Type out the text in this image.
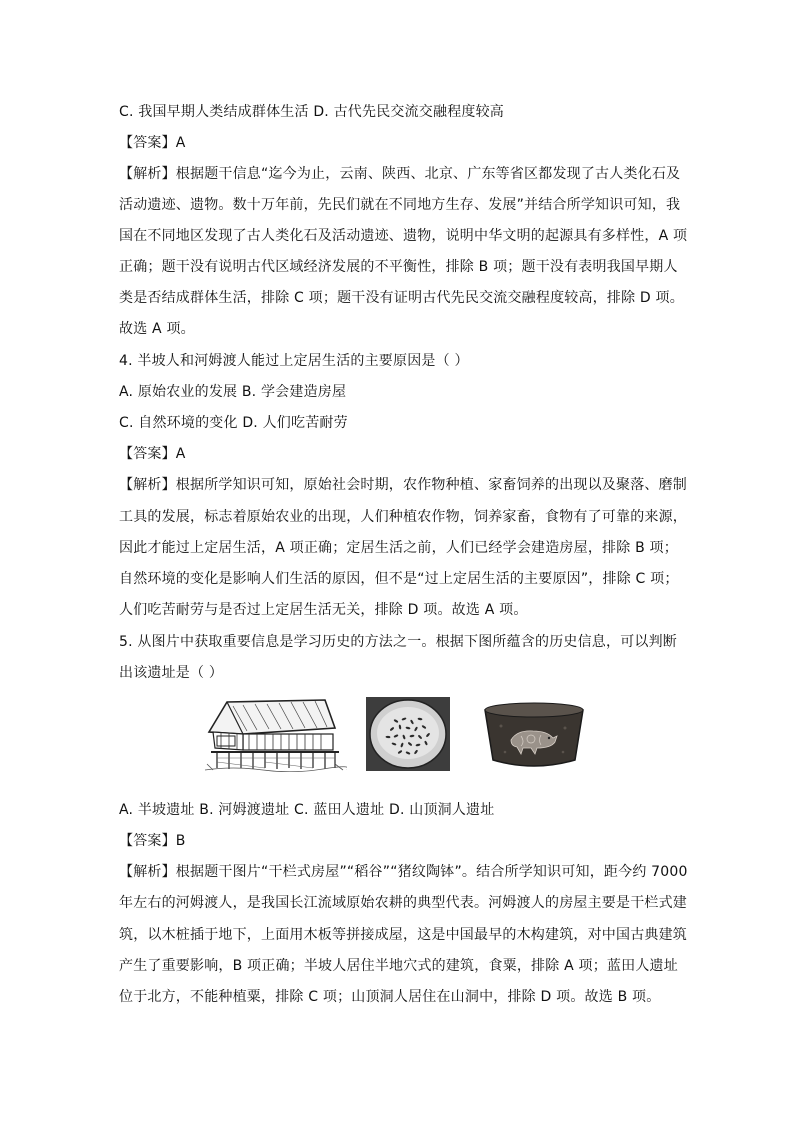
C. 我国早期人类结成群体生活 D. 古代先民交流交融程度较高
【答案】A
【解析】根据题干信息“迄今为止，云南、陕西、北京、广东等省区都发现了古人类化石及
活动遗迹、遗物。数十万年前，先民们就在不同地方生存、发展”并结合所学知识可知，我
国在不同地区发现了古人类化石及活动遗迹、遗物，说明中华文明的起源具有多样性，A 项
正确；题干没有说明古代区域经济发展的不平衡性，排除 B 项；题干没有表明我国早期人
类是否结成群体生活，排除 C 项；题干没有证明古代先民交流交融程度较高，排除 D 项。
故选 A 项。
4. 半坡人和河姆渡人能过上定居生活的主要原因是（ ）
A. 原始农业的发展 B. 学会建造房屋
C. 自然环境的变化 D. 人们吃苦耐劳
【答案】A
【解析】根据所学知识可知，原始社会时期，农作物种植、家畜饲养的出现以及聚落、磨制
工具的发展，标志着原始农业的出现，人们种植农作物，饲养家畜，食物有了可靠的来源，
因此才能过上定居生活，A 项正确；定居生活之前，人们已经学会建造房屋，排除 B 项；
自然环境的变化是影响人们生活的原因，但不是“过上定居生活的主要原因”，排除 C 项；
人们吃苦耐劳与是否过上定居生活无关，排除 D 项。故选 A 项。
5. 从图片中获取重要信息是学习历史的方法之一。根据下图所蕴含的历史信息，可以判断
出该遗址是（ ）
A. 半坡遗址 B. 河姆渡遗址 C. 蓝田人遗址 D. 山顶洞人遗址
【答案】B
【解析】根据题干图片“干栏式房屋”“稻谷”“猪纹陶钵”。结合所学知识可知，距今约 7000
年左右的河姆渡人，是我国长江流域原始农耕的典型代表。河姆渡人的房屋主要是干栏式建
筑，以木桩插于地下，上面用木板等拼接成屋，这是中国最早的木构建筑，对中国古典建筑
产生了重要影响，B 项正确；半坡人居住半地穴式的建筑，食粟，排除 A 项；蓝田人遗址
位于北方，不能种植粟，排除 C 项；山顶洞人居住在山洞中，排除 D 项。故选 B 项。
